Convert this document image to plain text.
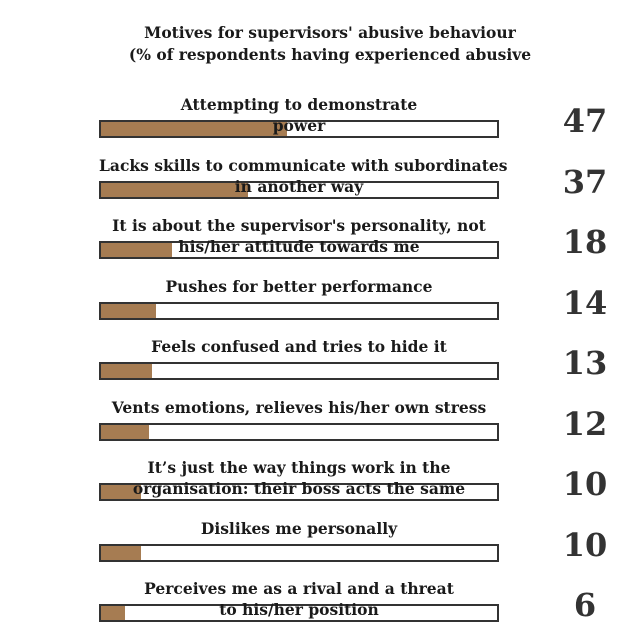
Motives for supervisors' abusive behaviour
(% of respondents having experienced abusive
Attempting to demonstrate
power	47
Lacks skills to communicate with subordinates
in another way	37
It is about the supervisor's personality, not
his/her attitude towards me	18
Pushes for better performance	14
Feels confused and tries to hide it	13
Vents emotions, relieves his/her own stress	12
It’s just the way things work in the
organisation: their boss acts the same	10
Dislikes me personally	10
Perceives me as a rival and a threat
to his/her position	6
